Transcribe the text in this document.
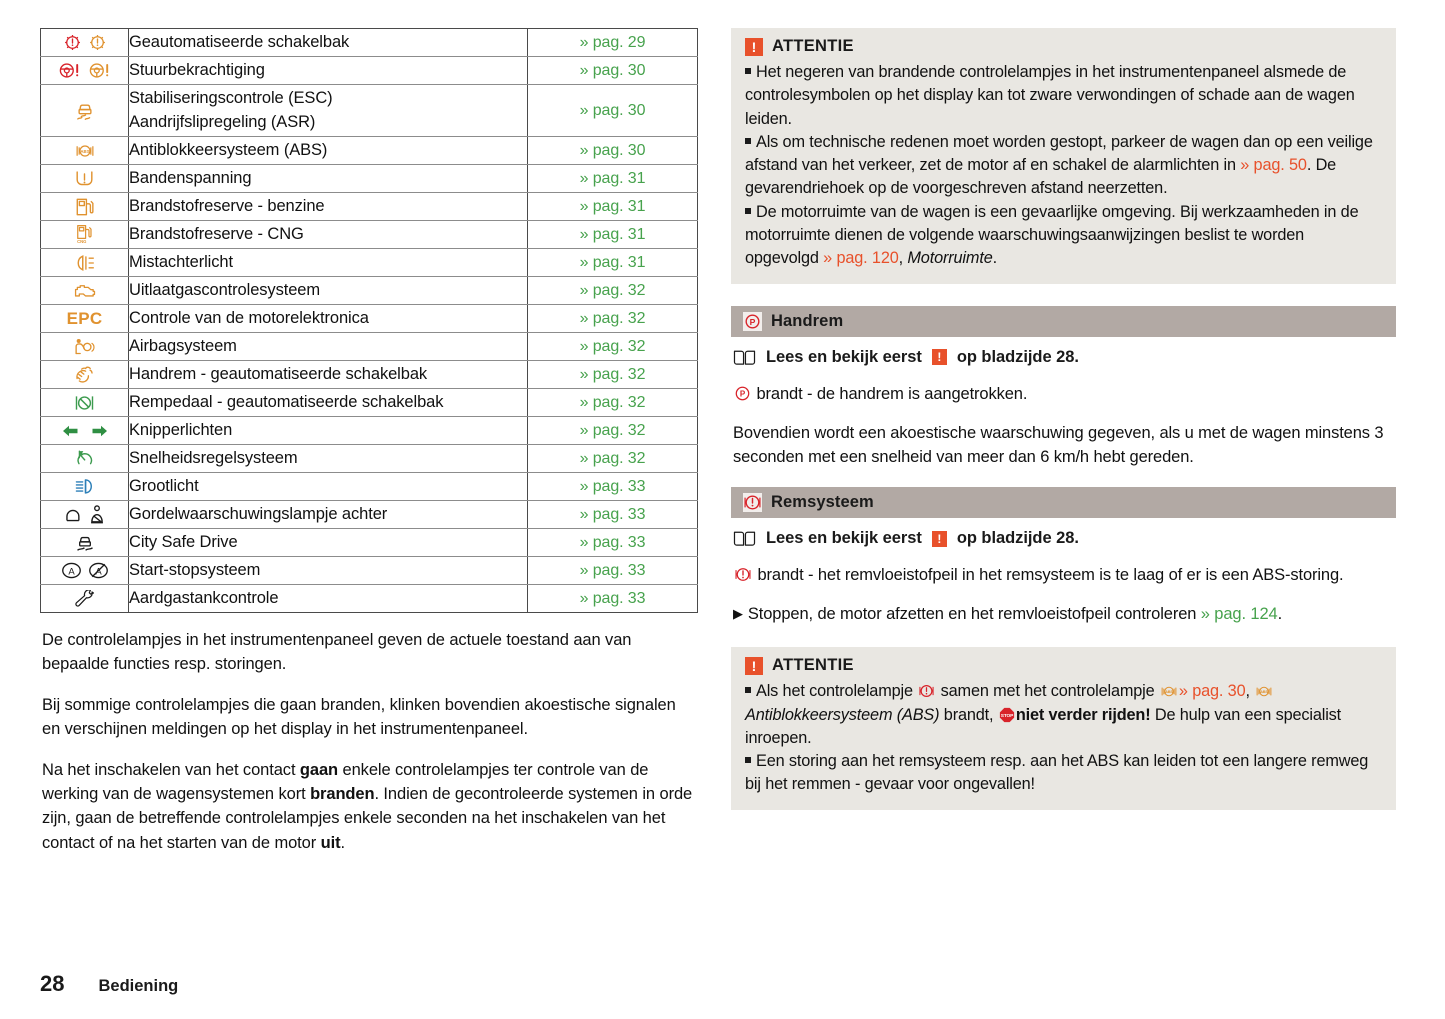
	Geautomatiseerde schakelbak	» pag. 29

	Stuurbekrachtiging	» pag. 30

Stabiliseringscontrole (ESC)
Aandrijfslipregeling (ASR)	» pag. 30

ABS	Antiblokkeersysteem (ABS)	» pag. 30

	Bandenspanning	» pag. 31

	Brandstofreserve - benzine	» pag. 31

CNG	Brandstofreserve - CNG	» pag. 31

	Mistachterlicht	» pag. 31

	Uitlaatgascontrolesysteem	» pag. 32

EPC	Controle van de motorelektronica	» pag. 32

	Airbagsysteem	» pag. 32

	Handrem - geautomatiseerde schakelbak	» pag. 32

	Rempedaal - geautomatiseerde schakelbak	» pag. 32

	Knipperlichten	» pag. 32

	Snelheidsregelsysteem	» pag. 32

	Grootlicht	» pag. 33

	Gordelwaarschuwingslampje achter	» pag. 33

	City Safe Drive	» pag. 33

A A	Start-stopsysteem	» pag. 33

	Aardgastankcontrole	» pag. 33

De controlelampjes in het instrumentenpaneel geven de actuele toestand aan van bepaalde functies resp. storingen.

Bij sommige controlelampjes die gaan branden, klinken bovendien akoestische signalen en verschijnen meldingen op het display in het instrumentenpaneel.

Na het inschakelen van het contact gaan enkele controlelampjes ter controle van de werking van de wagensystemen kort branden. Indien de gecontroleerde systemen in orde zijn, gaan de betreffende controlelampjes enkele seconden na het inschakelen van het contact of na het starten van de motor uit.

! ATTENTIE

Het negeren van brandende controlelampjes in het instrumentenpaneel alsmede de controlesymbolen op het display kan tot zware verwondingen of schade aan de wagen leiden.

Als om technische redenen moet worden gestopt, parkeer de wagen dan op een veilige afstand van het verkeer, zet de motor af en schakel de alarmlichten in » pag. 50. De gevarendriehoek op de voorgeschreven afstand neerzetten.

De motorruimte van de wagen is een gevaarlijke omgeving. Bij werkzaamheden in de motorruimte dienen de volgende waarschuwingsaanwijzingen beslist te worden opgevolgd » pag. 120, Motorruimte.

P Handrem
Lees en bekijk eerst	! op bladzijde 28.

P brandt - de handrem is aangetrokken.

Bovendien wordt een akoestische waarschuwing gegeven, als u met de wagen minstens 3 seconden met een snelheid van meer dan 6 km/h hebt gereden.

Remsysteem
Lees en bekijk eerst	! op bladzijde 28.

brandt - het remvloeistofpeil in het remsysteem is te laag of er is een ABS-storing.

▶ Stoppen, de motor afzetten en het remvloeistofpeil controleren » pag. 124.

! ATTENTIE

Als het controlelampje  samen met het controlelampje ABS » pag. 30, ABS
Antiblokkeersysteem (ABS) brandt, STOP niet verder rijden! De hulp van een specialist inroepen.

Een storing aan het remsysteem resp. aan het ABS kan leiden tot een langere remweg bij het remmen - gevaar voor ongevallen!

28 Bediening
